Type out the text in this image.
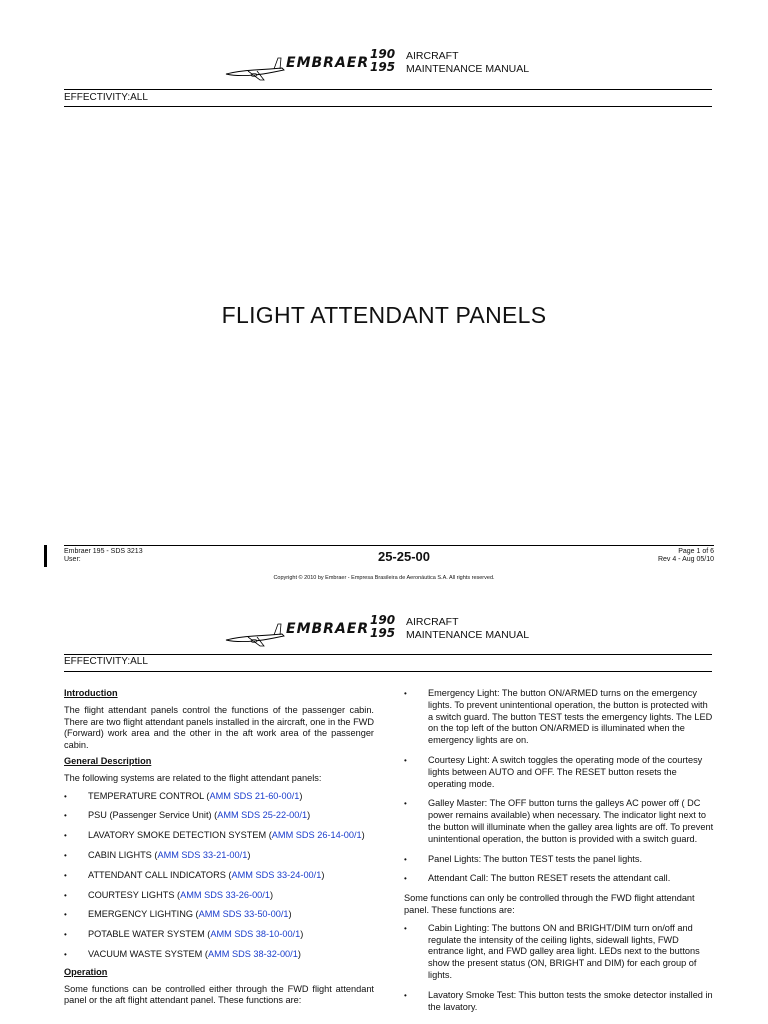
EMBRAER
190
195
AIRCRAFT
MAINTENANCE MANUAL
EFFECTIVITY:ALL
FLIGHT ATTENDANT PANELS
Embraer 195 - SDS 3213
User:	25-25-00	Page 1 of 6
Rev 4 - Aug 05/10
Copyright © 2010 by Embraer - Empresa Brasileira de Aeronáutica S.A. All rights reserved.
EMBRAER
190
195
AIRCRAFT
MAINTENANCE MANUAL
EFFECTIVITY:ALL
Introduction

The flight attendant panels control the functions of the passenger cabin. There are two flight attendant panels installed in the aircraft, one in the FWD (Forward) work area and the other in the aft work area of the passenger cabin.

General Description

The following systems are related to the flight attendant panels:

• TEMPERATURE CONTROL (AMM SDS 21-60-00/1)
• PSU (Passenger Service Unit) (AMM SDS 25-22-00/1)
• LAVATORY SMOKE DETECTION SYSTEM (AMM SDS 26-14-00/1)
• CABIN LIGHTS (AMM SDS 33-21-00/1)
• ATTENDANT CALL INDICATORS (AMM SDS 33-24-00/1)
• COURTESY LIGHTS (AMM SDS 33-26-00/1)
• EMERGENCY LIGHTING (AMM SDS 33-50-00/1)
• POTABLE WATER SYSTEM (AMM SDS 38-10-00/1)
• VACUUM WASTE SYSTEM (AMM SDS 38-32-00/1)
Operation

Some functions can be controlled either through the FWD flight attendant panel or the aft flight attendant panel. These functions are:

• Emergency Light: The button ON/ARMED turns on the emergency lights. To prevent unintentional operation, the button is protected with a switch guard. The button TEST tests the emergency lights. The LED on the top left of the button ON/ARMED is illuminated when the emergency lights are on.
• Courtesy Light: A switch toggles the operating mode of the courtesy lights between AUTO and OFF. The RESET button resets the operating mode.
• Galley Master: The OFF button turns the galleys AC power off ( DC power remains available) when necessary. The indicator light next to the button will illuminate when the galley area lights are off. To prevent unintentional operation, the button is provided with a switch guard.
• Panel Lights: The button TEST tests the panel lights.
• Attendant Call: The button RESET resets the attendant call.

Some functions can only be controlled through the FWD flight attendant panel. These functions are:

• Cabin Lighting: The buttons ON and BRIGHT/DIM turn on/off and regulate the intensity of the ceiling lights, sidewall lights, FWD entrance light, and FWD galley area light. LEDs next to the buttons show the present status (ON, BRIGHT and DIM) for each group of lights.
• Lavatory Smoke Test: This button tests the smoke detector installed in the lavatory.
